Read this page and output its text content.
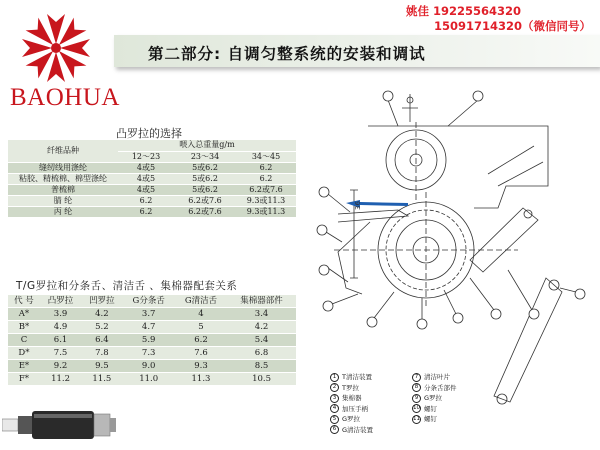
BAOHUA
姚佳 19225564320
15091714320（微信同号）
第二部分: 自调匀整系统的安装和调试
凸罗拉的选择
纤维品种	喂入总重量g/m		
	12～23	23～34	34～45
缝纫线用涤纶	4或5	5或6.2	6.2
粘胶、精梳棉、棉型涤纶	4或5	5或6.2	6.2
普梳棉	4或5	5或6.2	6.2或7.6
腈 纶	6.2	6.2或7.6	9.3或11.3
丙 纶	6.2	6.2或7.6	9.3或11.3
T/G罗拉和分条舌、清洁舌 、集棉器配套关系
代 号	凸罗拉	凹罗拉	G分条舌	G清洁舌	集棉器部件
A*	3.9	4.2	3.7	4	3.4
B*	4.9	5.2	4.7	5	4.2
C	6.1	6.4	5.9	6.2	5.4
D*	7.5	7.8	7.3	7.6	6.8
E*	9.2	9.5	9.0	9.3	8.5
F*	11.2	11.5	11.0	11.3	10.5
36
1 T清洁装置
2 T罗拉
3 集棉器
4 加压手柄
5 G罗拉
6 G清洁装置
7 清洁叶片
8 分条舌部件
9 G罗拉
10 螺钉
11 螺钉
